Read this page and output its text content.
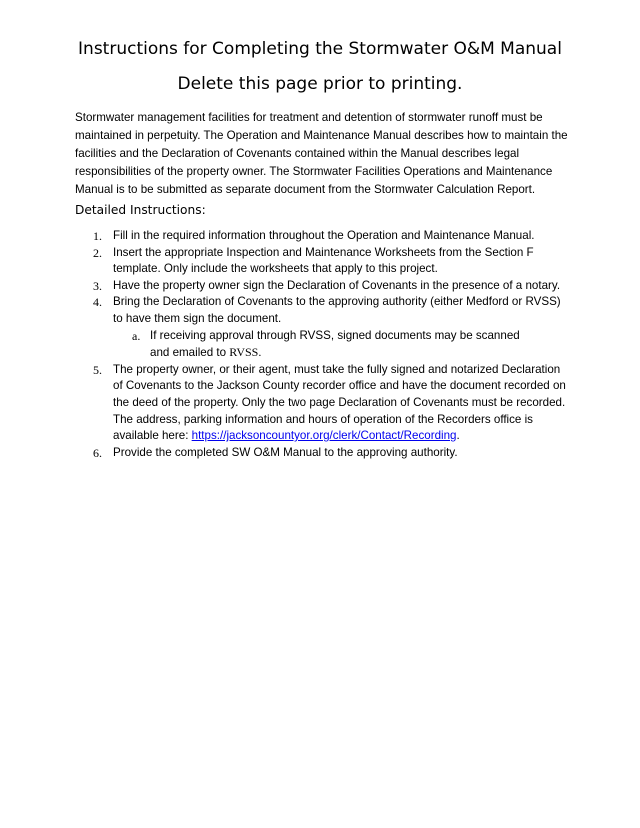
Instructions for Completing the Stormwater O&M Manual
Delete this page prior to printing.

Stormwater management facilities for treatment and detention of stormwater runoff must be maintained in perpetuity. The Operation and Maintenance Manual describes how to maintain the facilities and the Declaration of Covenants contained within the Manual describes legal responsibilities of the property owner. The Stormwater Facilities Operations and Maintenance Manual is to be submitted as separate document from the Stormwater Calculation Report.

Detailed Instructions:

1. Fill in the required information throughout the Operation and Maintenance Manual.
2. Insert the appropriate Inspection and Maintenance Worksheets from the Section F template. Only include the worksheets that apply to this project.
3. Have the property owner sign the Declaration of Covenants in the presence of a notary.
4. Bring the Declaration of Covenants to the approving authority (either Medford or RVSS) to have them sign the document.
a. If receiving approval through RVSS, signed documents may be scanned and emailed to RVSS.
5. The property owner, or their agent, must take the fully signed and notarized Declaration of Covenants to the Jackson County recorder office and have the document recorded on the deed of the property. Only the two page Declaration of Covenants must be recorded. The address, parking information and hours of operation of the Recorders office is available here: https://jacksoncountyor.org/clerk/Contact/Recording.
6. Provide the completed SW O&M Manual to the approving authority.
